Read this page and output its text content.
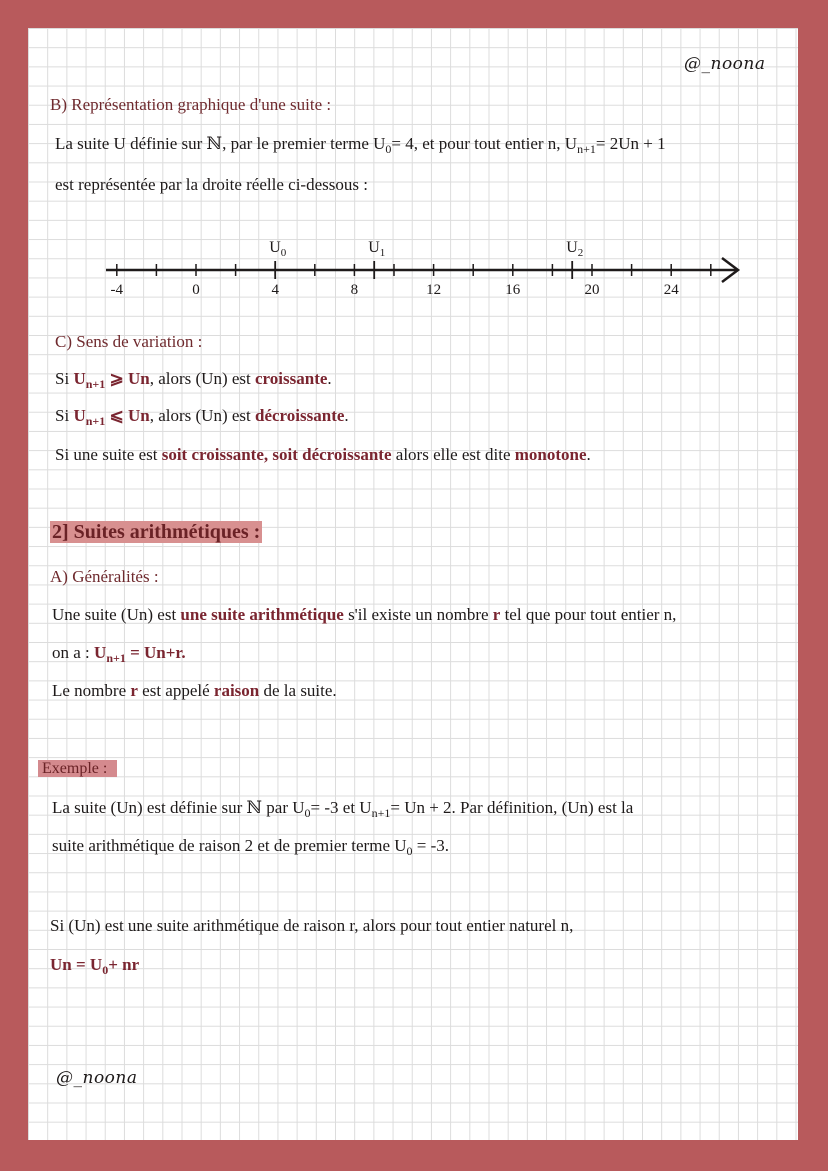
@_noona
B) Représentation graphique d'une suite :
La suite U définie sur ℕ, par le premier terme $U_0= 4$, et pour tout entier n, $U_{n+1}= 2Un + 1$
est représentée par la droite réelle ci-dessous :
-4	0	4	8	12	16	20	24
$U_0$	$U_1$	$U_2$
C) Sens de variation :
Si $U_{n+1}$ ⩾ Un, alors (Un) est croissante.
Si $U_{n+1}$ ⩽ Un, alors (Un) est décroissante.
Si une suite est soit croissante, soit décroissante alors elle est dite monotone.
2] Suites arithmétiques :
A) Généralités :
Une suite (Un) est une suite arithmétique s'il existe un nombre r tel que pour tout entier n,
on a : $U_{n+1} = Un+r$.
Le nombre r est appelé raison de la suite.
Exemple :
La suite (Un) est définie sur ℕ par $U_0= -3$ et $U_{n+1}= Un + 2$. Par définition, (Un) est la
suite arithmétique de raison 2 et de premier terme $U_0 = -3$.
Si (Un) est une suite arithmétique de raison r, alors pour tout entier naturel n,
$Un = U_0+$ nr
@_noona
